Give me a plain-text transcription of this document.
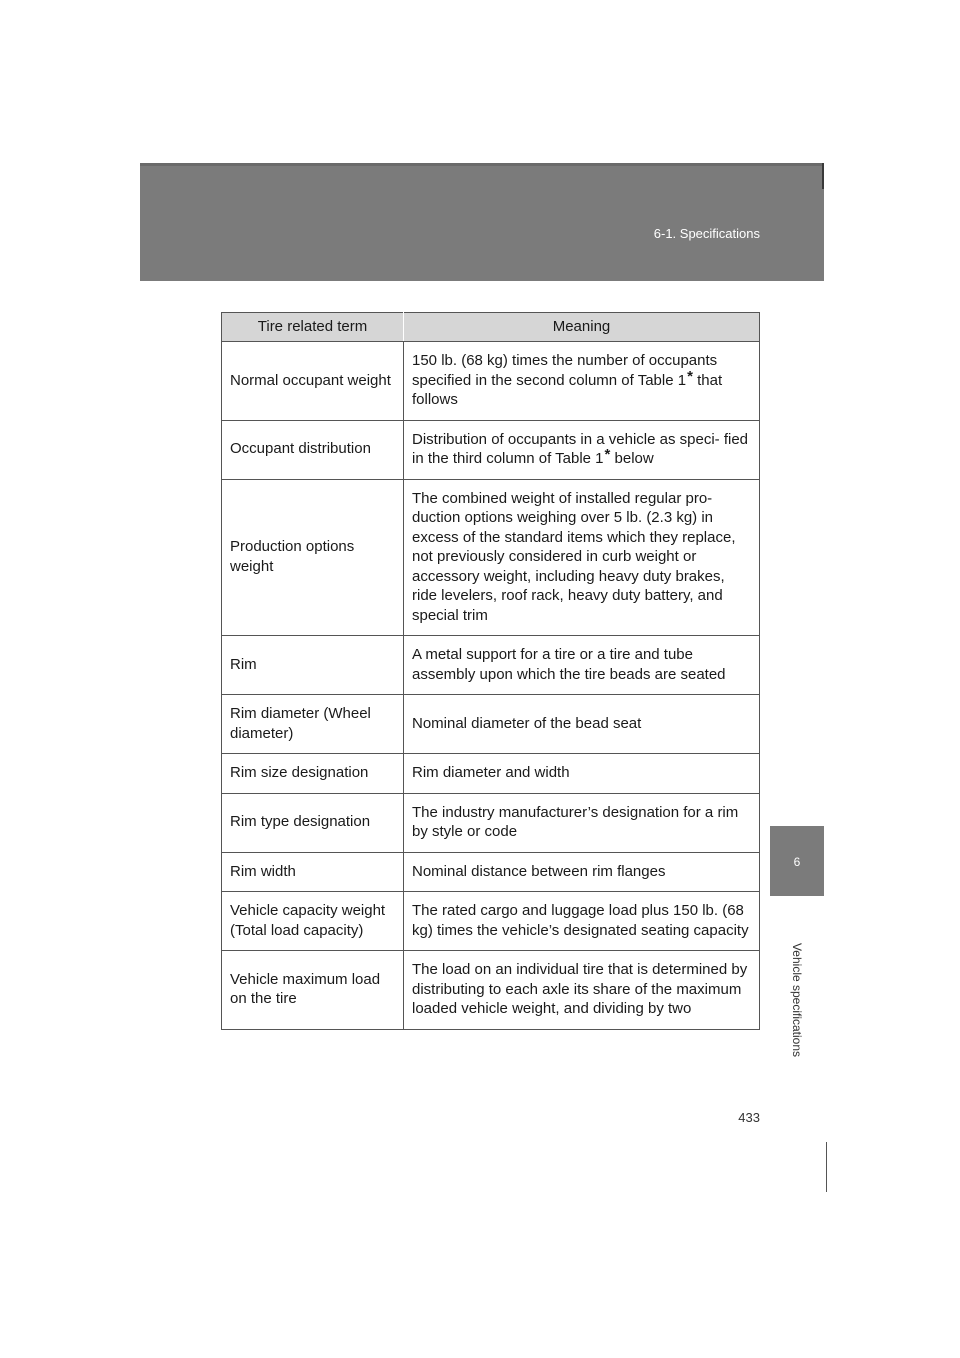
6-1. Specifications
Tire related term	Meaning
Normal occupant weight	150 lb. (68 kg) times the number of occupants specified in the second column of Table 1* that follows
Occupant distribution	Distribution of occupants in a vehicle as speci- fied in the third column of Table 1* below
Production options weight	The combined weight of installed regular pro- duction options weighing over 5 lb. (2.3 kg) in excess of the standard items which they replace, not previously considered in curb weight or accessory weight, including heavy duty brakes, ride levelers, roof rack, heavy duty battery, and special trim
Rim	A metal support for a tire or a tire and tube assembly upon which the tire beads are seated
Rim diameter (Wheel diameter)	Nominal diameter of the bead seat
Rim size designation	Rim diameter and width
Rim type designation	The industry manufacturer’s designation for a rim by style or code
Rim width	Nominal distance between rim flanges
Vehicle capacity weight (Total load capacity)	The rated cargo and luggage load plus 150 lb. (68 kg) times the vehicle’s designated seating capacity
Vehicle maximum load on the tire	The load on an individual tire that is determined by distributing to each axle its share of the maximum loaded vehicle weight, and dividing by two
6
Vehicle specifications
433
